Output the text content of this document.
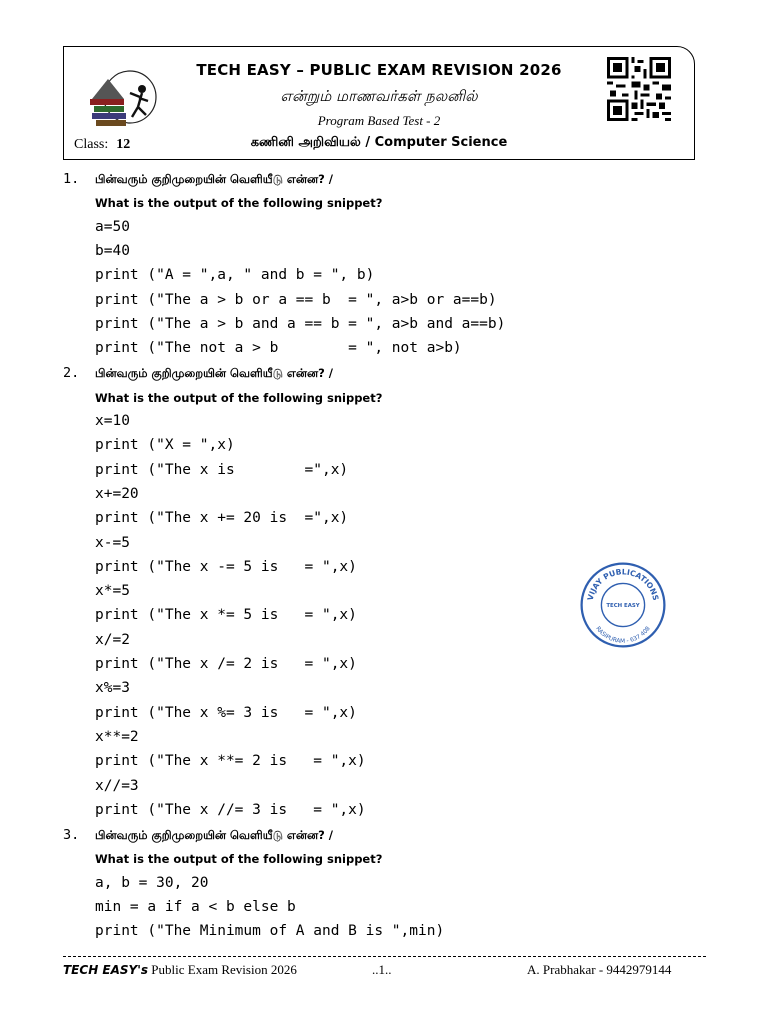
TECH EASY – PUBLIC EXAM REVISION 2026
என்றும் மாணவர்கள் நலனில்
Program Based Test - 2
Class: 12	கணினி அறிவியல் / Computer Science
1. பின்வரும் குறிமுறையின் வெளியீடு என்ன? /
What is the output of the following snippet?
a=50
b=40
print ("A = ",a, " and b = ", b)
print ("The a > b or a == b  = ", a>b or a==b)
print ("The a > b and a == b = ", a>b and a==b)
print ("The not a > b        = ", not a>b)
2. பின்வரும் குறிமுறையின் வெளியீடு என்ன? /
What is the output of the following snippet?
x=10
print ("X = ",x)
print ("The x is        =",x)
x+=20
print ("The x += 20 is  =",x)
x-=5
print ("The x -= 5 is   = ",x)
x*=5
print ("The x *= 5 is   = ",x)
x/=2
print ("The x /= 2 is   = ",x)
x%=3
print ("The x %= 3 is   = ",x)
x**=2
print ("The x **= 2 is   = ",x)
x//=3
print ("The x //= 3 is   = ",x)
3. பின்வரும் குறிமுறையின் வெளியீடு என்ன? /
What is the output of the following snippet?
a, b = 30, 20
min = a if a < b else b
print ("The Minimum of A and B is ",min)
VIJAY PUBLICATIONS
TECH EASY
RASIPURAM - 637 408
TECH EASY's Public Exam Revision 2026	..1..	A. Prabhakar - 9442979144
